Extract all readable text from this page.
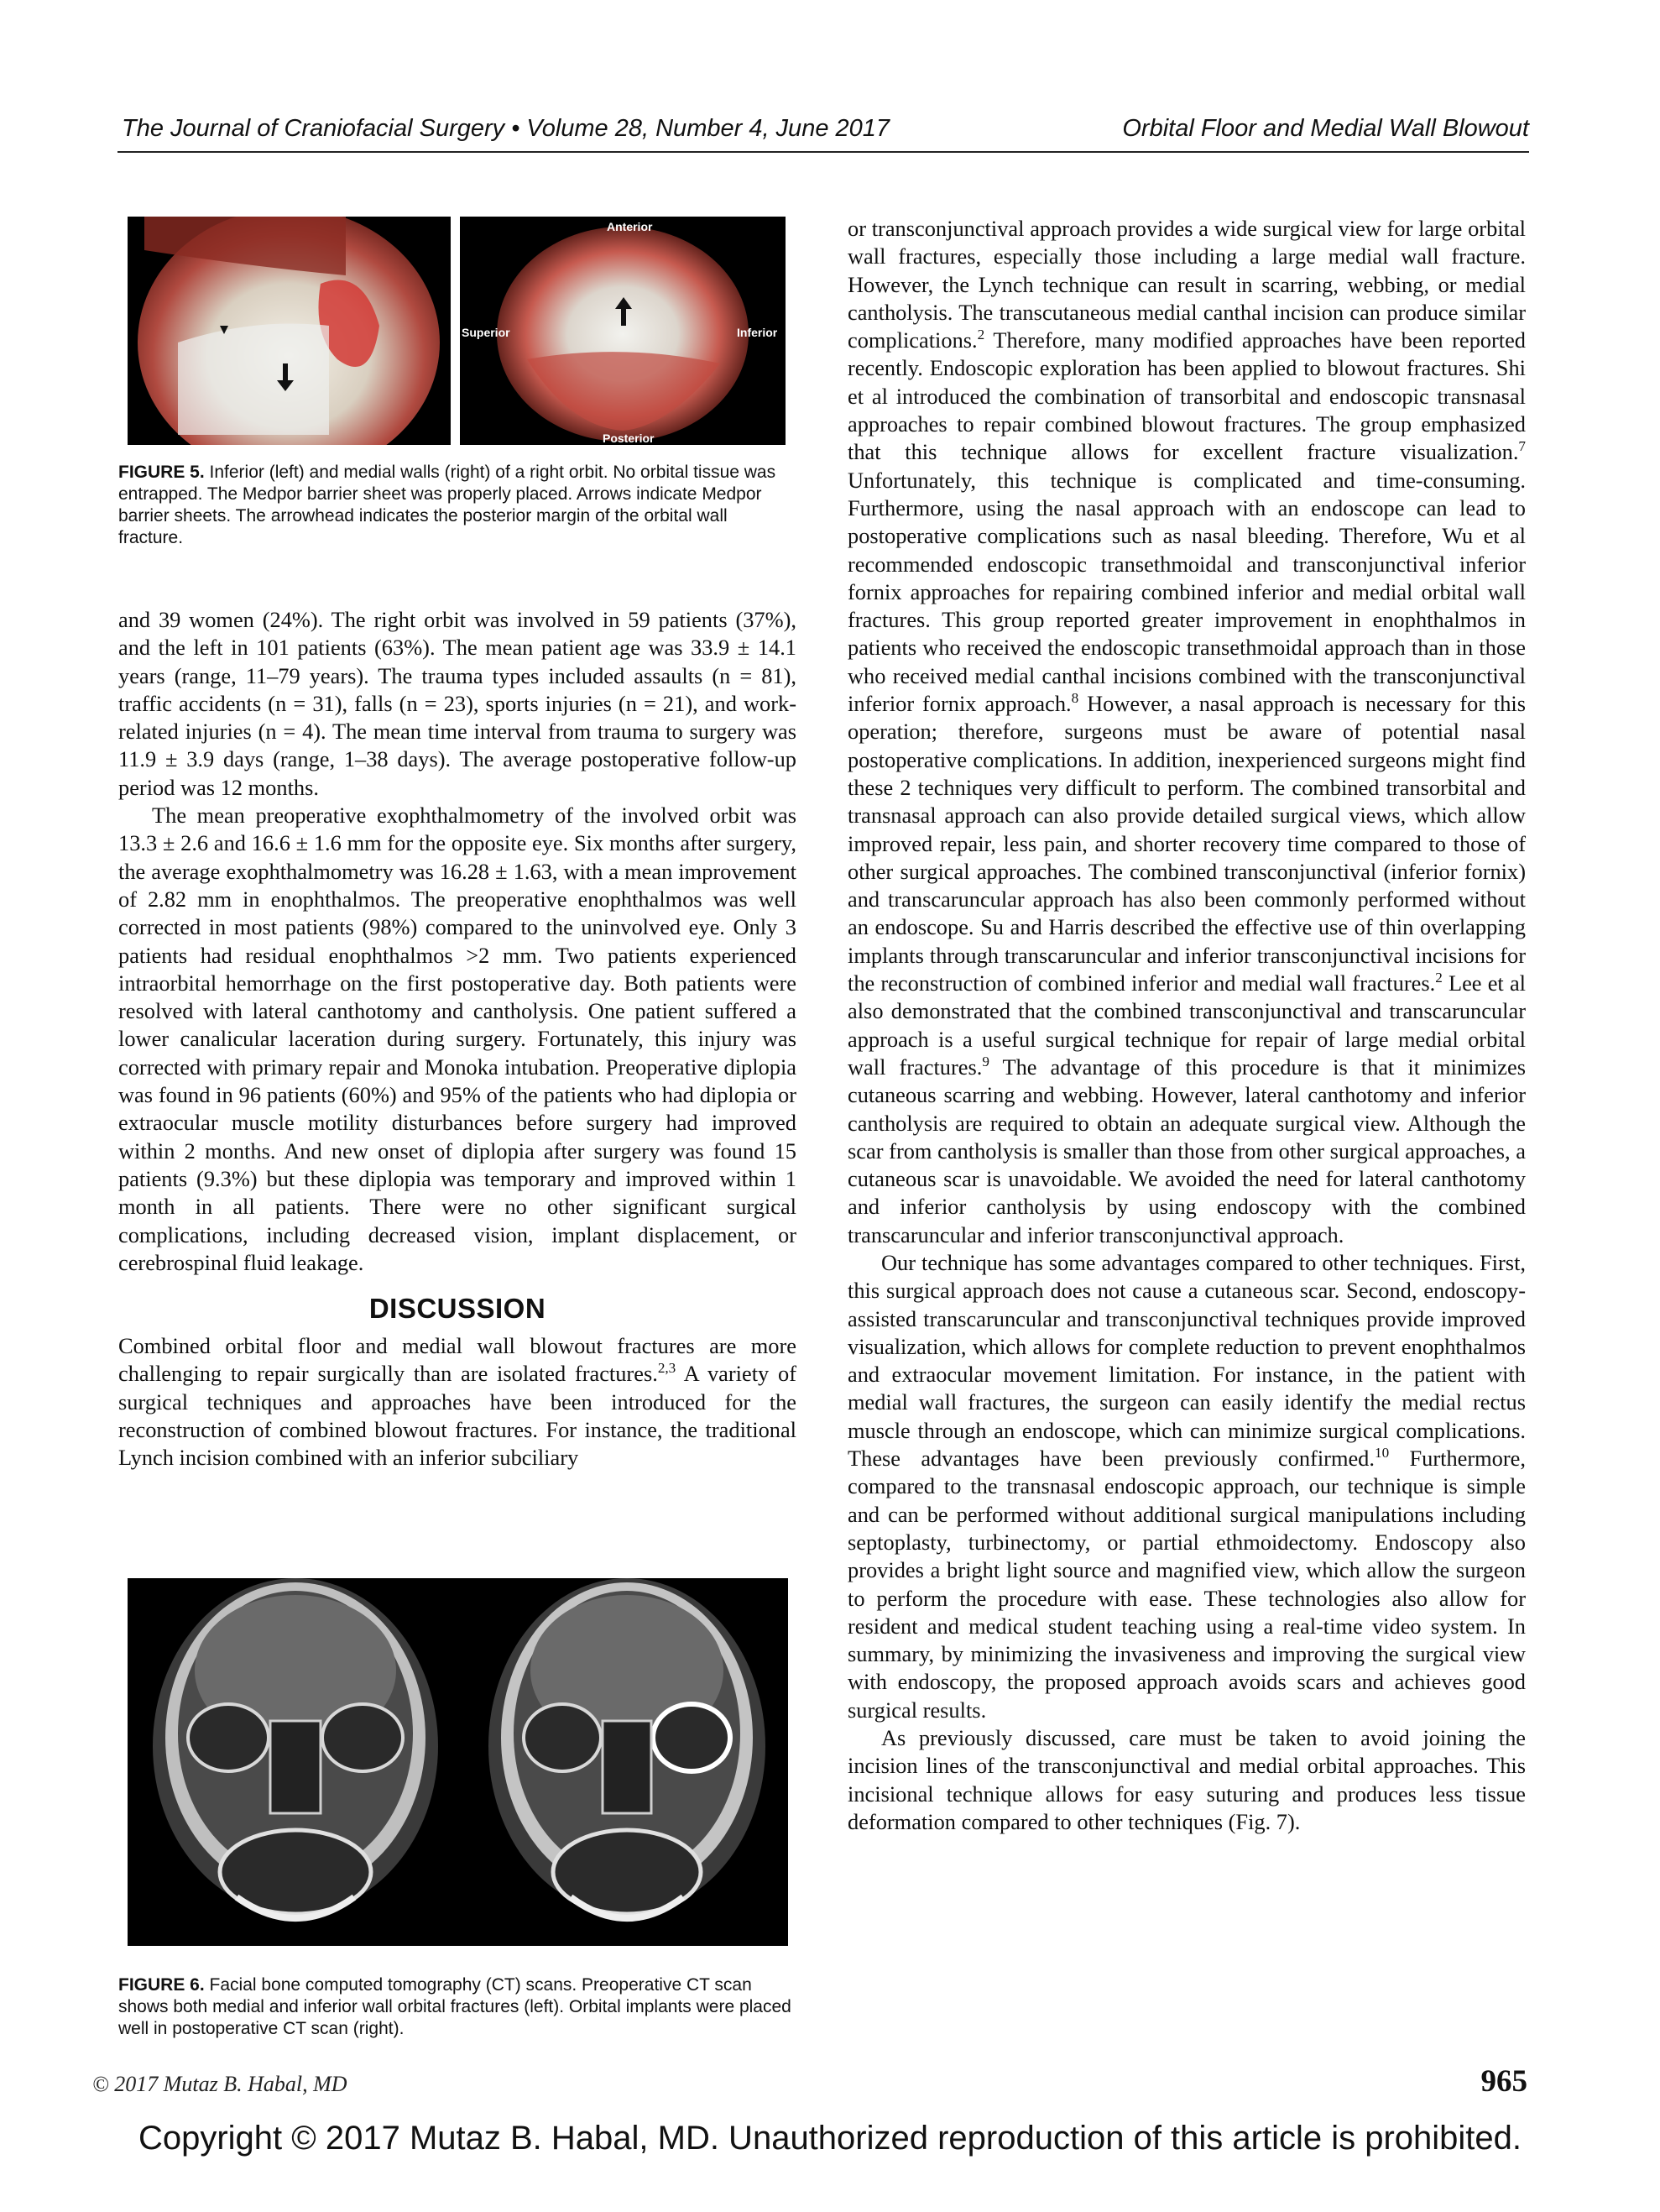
The Journal of Craniofacial Surgery • Volume 28, Number 4, June 2017	Orbital Floor and Medial Wall Blowout
Anterior
Superior	Inferior
Posterior
FIGURE 5. Inferior (left) and medial walls (right) of a right orbit. No orbital tissue was entrapped. The Medpor barrier sheet was properly placed. Arrows indicate Medpor barrier sheets. The arrowhead indicates the posterior margin of the orbital wall fracture.

and 39 women (24%). The right orbit was involved in 59 patients (37%), and the left in 101 patients (63%). The mean patient age was 33.9 ± 14.1 years (range, 11–79 years). The trauma types included assaults (n = 81), traffic accidents (n = 31), falls (n = 23), sports injuries (n = 21), and work-related injuries (n = 4). The mean time interval from trauma to surgery was 11.9 ± 3.9 days (range, 1–38 days). The average postoperative follow-up period was 12 months.

The mean preoperative exophthalmometry of the involved orbit was 13.3 ± 2.6 and 16.6 ± 1.6 mm for the opposite eye. Six months after surgery, the average exophthalmometry was 16.28 ± 1.63, with a mean improvement of 2.82 mm in enophthalmos. The preoperative enophthalmos was well corrected in most patients (98%) compared to the uninvolved eye. Only 3 patients had residual enophthalmos >2 mm. Two patients experienced intraorbital hemorrhage on the first postoperative day. Both patients were resolved with lateral canthotomy and cantholysis. One patient suffered a lower canalicular laceration during surgery. Fortunately, this injury was corrected with primary repair and Monoka intubation. Preoperative diplopia was found in 96 patients (60%) and 95% of the patients who had diplopia or extraocular muscle motility disturbances before surgery had improved within 2 months. And new onset of diplopia after surgery was found 15 patients (9.3%) but these diplopia was temporary and improved within 1 month in all patients. There were no other significant surgical complications, including decreased vision, implant displacement, or cerebrospinal fluid leakage.

DISCUSSION

Combined orbital floor and medial wall blowout fractures are more challenging to repair surgically than are isolated fractures.$^{2,3}$ A variety of surgical techniques and approaches have been introduced for the reconstruction of combined blowout fractures. For instance, the traditional Lynch incision combined with an inferior subciliary

FIGURE 6. Facial bone computed tomography (CT) scans. Preoperative CT scan shows both medial and inferior wall orbital fractures (left). Orbital implants were placed well in postoperative CT scan (right).

or transconjunctival approach provides a wide surgical view for large orbital wall fractures, especially those including a large medial wall fracture. However, the Lynch technique can result in scarring, webbing, or medial cantholysis. The transcutaneous medial canthal incision can produce similar complications.$^2$ Therefore, many modified approaches have been reported recently. Endoscopic exploration has been applied to blowout fractures. Shi et al introduced the combination of transorbital and endoscopic transnasal approaches to repair combined blowout fractures. The group emphasized that this technique allows for excellent fracture visualization.$^7$ Unfortunately, this technique is complicated and time-consuming. Furthermore, using the nasal approach with an endoscope can lead to postoperative complications such as nasal bleeding. Therefore, Wu et al recommended endoscopic transethmoidal and transconjunctival inferior fornix approaches for repairing combined inferior and medial orbital wall fractures. This group reported greater improvement in enophthalmos in patients who received the endoscopic transethmoidal approach than in those who received medial canthal incisions combined with the transconjunctival inferior fornix approach.$^8$ However, a nasal approach is necessary for this operation; therefore, surgeons must be aware of potential nasal postoperative complications. In addition, inexperienced surgeons might find these 2 techniques very difficult to perform. The combined transorbital and transnasal approach can also provide detailed surgical views, which allow improved repair, less pain, and shorter recovery time compared to those of other surgical approaches. The combined transconjunctival (inferior fornix) and transcaruncular approach has also been commonly performed without an endoscope. Su and Harris described the effective use of thin overlapping implants through transcaruncular and inferior transconjunctival incisions for the reconstruction of combined inferior and medial wall fractures.$^2$ Lee et al also demonstrated that the combined transconjunctival and transcaruncular approach is a useful surgical technique for repair of large medial orbital wall fractures.$^9$ The advantage of this procedure is that it minimizes cutaneous scarring and webbing. However, lateral canthotomy and inferior cantholysis are required to obtain an adequate surgical view. Although the scar from cantholysis is smaller than those from other surgical approaches, a cutaneous scar is unavoidable. We avoided the need for lateral canthotomy and inferior cantholysis by using endoscopy with the combined transcaruncular and inferior transconjunctival approach.

Our technique has some advantages compared to other techniques. First, this surgical approach does not cause a cutaneous scar. Second, endoscopy-assisted transcaruncular and transconjunctival techniques provide improved visualization, which allows for complete reduction to prevent enophthalmos and extraocular movement limitation. For instance, in the patient with medial wall fractures, the surgeon can easily identify the medial rectus muscle through an endoscope, which can minimize surgical complications. These advantages have been previously confirmed.$^{10}$ Furthermore, compared to the transnasal endoscopic approach, our technique is simple and can be performed without additional surgical manipulations including septoplasty, turbinectomy, or partial ethmoidectomy. Endoscopy also provides a bright light source and magnified view, which allow the surgeon to perform the procedure with ease. These technologies also allow for resident and medical student teaching using a real-time video system. In summary, by minimizing the invasiveness and improving the surgical view with endoscopy, the proposed approach avoids scars and achieves good surgical results.

As previously discussed, care must be taken to avoid joining the incision lines of the transconjunctival and medial orbital approaches. This incisional technique allows for easy suturing and produces less tissue deformation compared to other techniques (Fig. 7).

© 2017 Mutaz B. Habal, MD	965
Copyright © 2017 Mutaz B. Habal, MD. Unauthorized reproduction of this article is prohibited.
